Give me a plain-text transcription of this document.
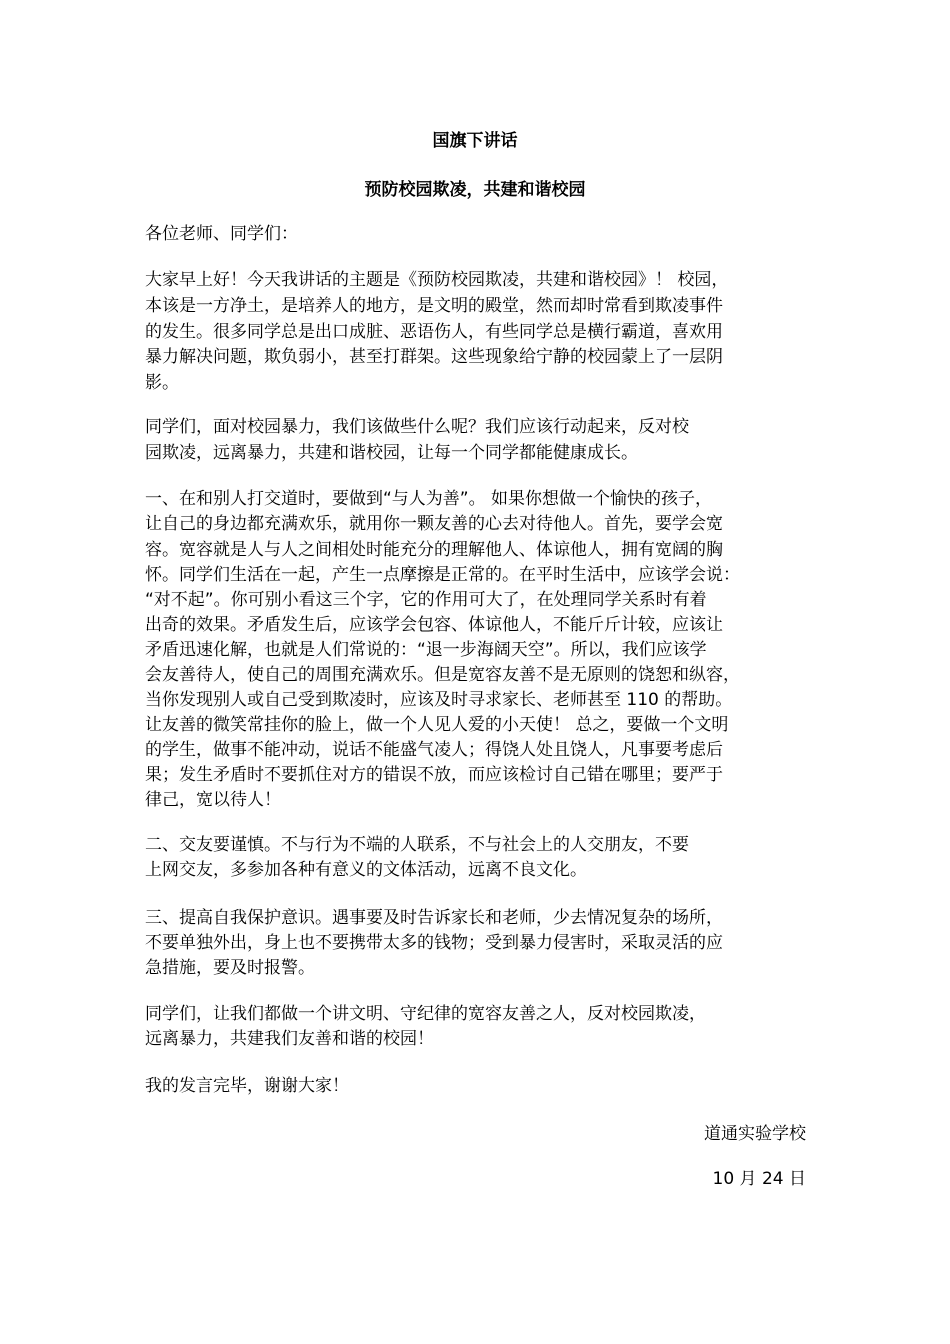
国旗下讲话
预防校园欺凌，共建和谐校园

各位老师、同学们：

大家早上好！今天我讲话的主题是《预防校园欺凌，共建和谐校园》！ 校园，

本该是一方净土，是培养人的地方，是文明的殿堂，然而却时常看到欺凌事件

的发生。很多同学总是出口成脏、恶语伤人，有些同学总是横行霸道，喜欢用

暴力解决问题，欺负弱小，甚至打群架。这些现象给宁静的校园蒙上了一层阴

影。

同学们，面对校园暴力，我们该做些什么呢？我们应该行动起来，反对校

园欺凌，远离暴力，共建和谐校园，让每一个同学都能健康成长。

一、在和别人打交道时，要做到“与人为善”。 如果你想做一个愉快的孩子，

让自己的身边都充满欢乐，就用你一颗友善的心去对待他人。首先，要学会宽

容。宽容就是人与人之间相处时能充分的理解他人、体谅他人，拥有宽阔的胸

怀。同学们生活在一起，产生一点摩擦是正常的。在平时生活中，应该学会说：

“对不起”。你可别小看这三个字，它的作用可大了，在处理同学关系时有着

出奇的效果。矛盾发生后，应该学会包容、体谅他人，不能斤斤计较，应该让

矛盾迅速化解，也就是人们常说的：“退一步海阔天空”。所以，我们应该学

会友善待人，使自己的周围充满欢乐。但是宽容友善不是无原则的饶恕和纵容，

当你发现别人或自己受到欺凌时，应该及时寻求家长、老师甚至 110 的帮助。

让友善的微笑常挂你的脸上，做一个人见人爱的小天使！ 总之，要做一个文明

的学生，做事不能冲动，说话不能盛气凌人；得饶人处且饶人，凡事要考虑后

果；发生矛盾时不要抓住对方的错误不放，而应该检讨自己错在哪里；要严于

律己，宽以待人！

二、交友要谨慎。不与行为不端的人联系，不与社会上的人交朋友，不要

上网交友，多参加各种有意义的文体活动，远离不良文化。

三、提高自我保护意识。遇事要及时告诉家长和老师，少去情况复杂的场所，

不要单独外出，身上也不要携带太多的钱物；受到暴力侵害时，采取灵活的应

急措施，要及时报警。

同学们，让我们都做一个讲文明、守纪律的宽容友善之人，反对校园欺凌，

远离暴力，共建我们友善和谐的校园！

我的发言完毕，谢谢大家！

道通实验学校

10 月 24 日
